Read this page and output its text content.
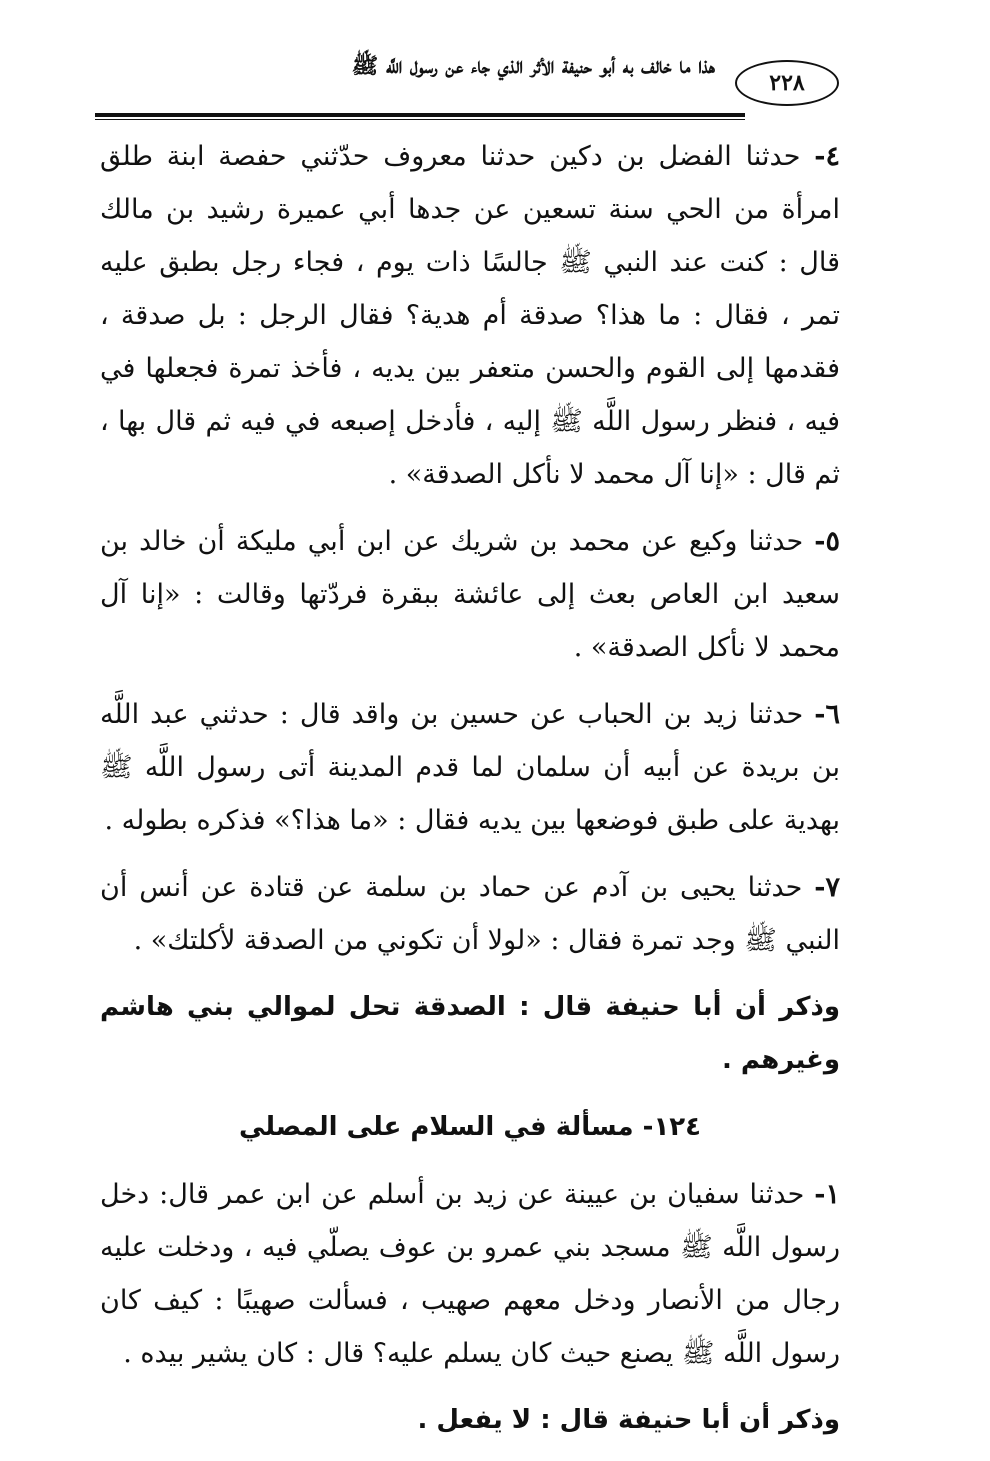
٢٢٨
هذا ما خالف به أبو حنيفة الأثر الذي جاء عن رسول اللَّه ﷺ

٤- حدثنا الفضل بن دكين حدثنا معروف حدّثني حفصة ابنة طلق امرأة من الحي سنة تسعين عن جدها أبي عميرة رشيد بن مالك قال : كنت عند النبي ﷺ جالسًا ذات يوم ، فجاء رجل بطبق عليه تمر ، فقال : ما هذا؟ صدقة أم هدية؟ فقال الرجل : بل صدقة ، فقدمها إلى القوم والحسن متعفر بين يديه ، فأخذ تمرة فجعلها في فيه ، فنظر رسول اللَّه ﷺ إليه ، فأدخل إصبعه في فيه ثم قال بها ، ثم قال : «إنا آل محمد لا نأكل الصدقة» .

٥- حدثنا وكيع عن محمد بن شريك عن ابن أبي مليكة أن خالد بن سعيد ابن العاص بعث إلى عائشة ببقرة فردّتها وقالت : «إنا آل محمد لا نأكل الصدقة» .

٦- حدثنا زيد بن الحباب عن حسين بن واقد قال : حدثني عبد اللَّه بن بريدة عن أبيه أن سلمان لما قدم المدينة أتى رسول اللَّه ﷺ بهدية على طبق فوضعها بين يديه فقال : «ما هذا؟» فذكره بطوله .

٧- حدثنا يحيى بن آدم عن حماد بن سلمة عن قتادة عن أنس أن النبي ﷺ وجد تمرة فقال : «لولا أن تكوني من الصدقة لأكلتك» .

وذكر أن أبا حنيفة قال : الصدقة تحل لموالي بني هاشم وغيرهم .

١٢٤- مسألة في السلام على المصلي

١- حدثنا سفيان بن عيينة عن زيد بن أسلم عن ابن عمر قال: دخل رسول اللَّه ﷺ مسجد بني عمرو بن عوف يصلّي فيه ، ودخلت عليه رجال من الأنصار ودخل معهم صهيب ، فسألت صهيبًا : كيف كان رسول اللَّه ﷺ يصنع حيث كان يسلم عليه؟ قال : كان يشير بيده .

وذكر أن أبا حنيفة قال : لا يفعل .
